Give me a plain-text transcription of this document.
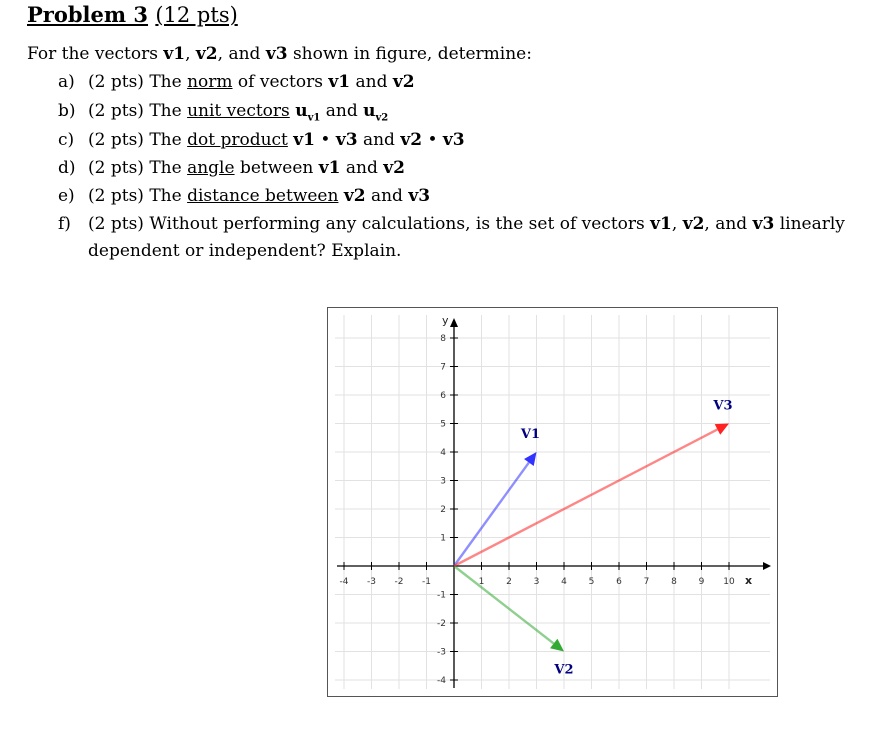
Problem 3 (12 pts)
For the vectors v1, v2, and v3 shown in figure, determine:
a) (2 pts) The norm of vectors v1 and v2
b) (2 pts) The unit vectors $u_{v1}$ and $u_{v2}$
c) (2 pts) The dot product v1 • v3 and v2 • v3
d) (2 pts) The angle between v1 and v2
e) (2 pts) The distance between v2 and v3
f) (2 pts) Without performing any calculations, is the set of vectors v1, v2, and v3 linearly
dependent or independent? Explain.
-4 -3 -2 -1	1 2 3 4 5 6 7 8 9 10
8
7
6
5
4
3
2
1
-1
-2
-3
-4
V1
V2
V3
x
y
